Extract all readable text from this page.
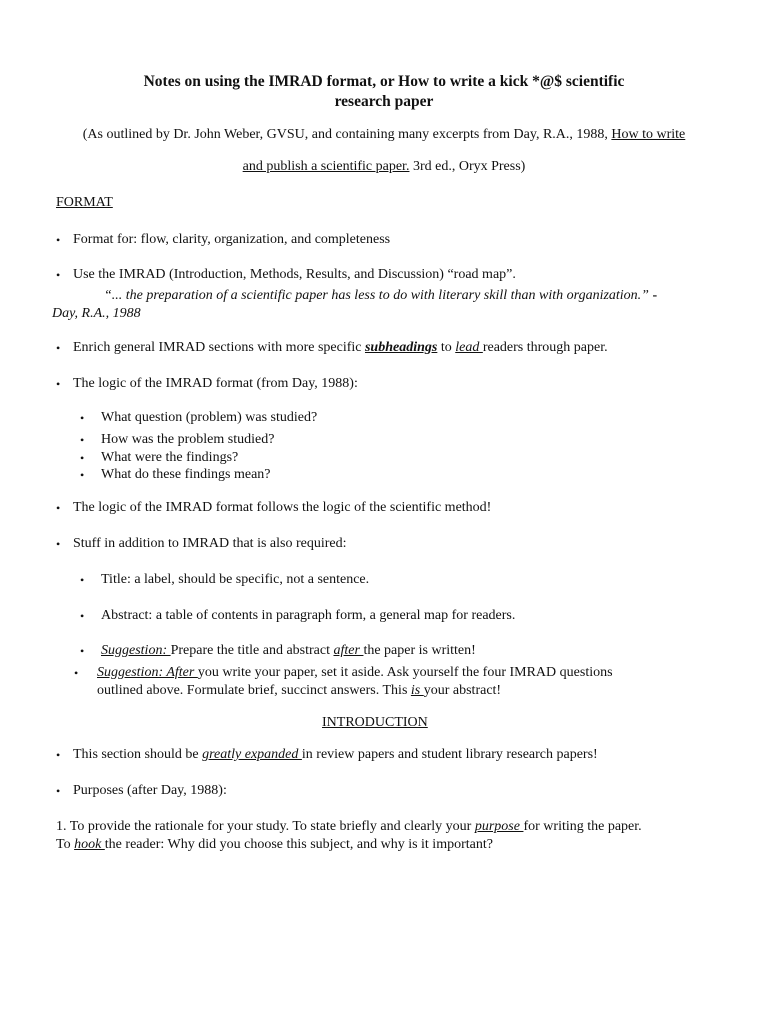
Notes on using the IMRAD format, or How to write a kick *@$ scientific
research paper
(As outlined by Dr. John Weber, GVSU, and containing many excerpts from Day, R.A., 1988, How to write
and publish a scientific paper. 3rd ed., Oryx Press)
FORMAT
• Format for: flow, clarity, organization, and completeness
• Use the IMRAD (Introduction, Methods, Results, and Discussion) “road map”.
“... the preparation of a scientific paper has less to do with literary skill than with organization.” -
Day, R.A., 1988
• Enrich general IMRAD sections with more specific subheadings to lead readers through paper.
• The logic of the IMRAD format (from Day, 1988):
• What question (problem) was studied?
• How was the problem studied?
• What were the findings?
• What do these findings mean?
• The logic of the IMRAD format follows the logic of the scientific method!
• Stuff in addition to IMRAD that is also required:
• Title: a label, should be specific, not a sentence.
• Abstract: a table of contents in paragraph form, a general map for readers.
• Suggestion: Prepare the title and abstract after the paper is written!
• Suggestion: After you write your paper, set it aside. Ask yourself the four IMRAD questions
outlined above. Formulate brief, succinct answers. This is your abstract!
INTRODUCTION
• This section should be greatly expanded in review papers and student library research papers!
• Purposes (after Day, 1988):
1. To provide the rationale for your study. To state briefly and clearly your purpose for writing the paper.
To hook the reader: Why did you choose this subject, and why is it important?
